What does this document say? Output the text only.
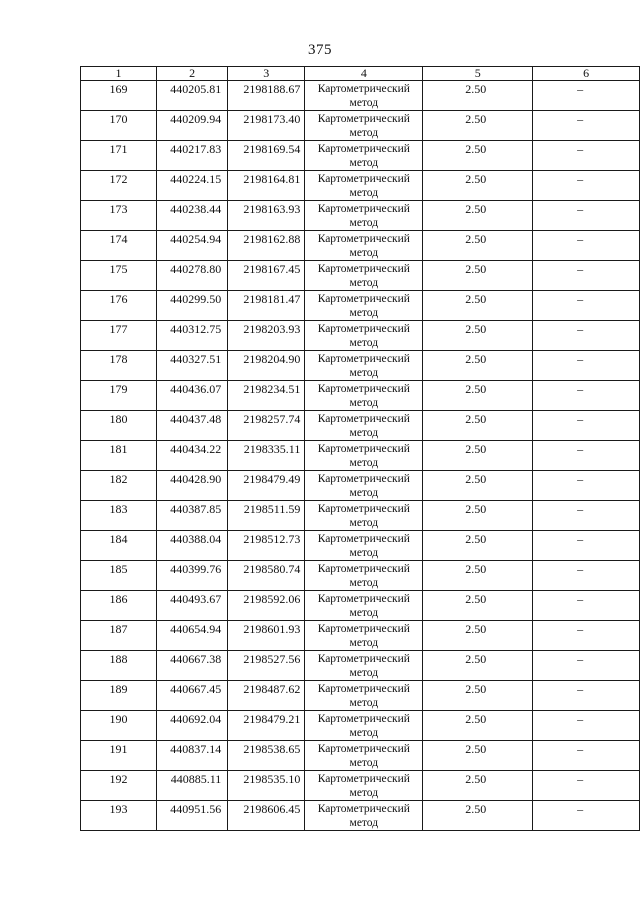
375
1	2	3	4	5	6
169	440205.81	2198188.67	Картометрический метод	2.50	–
170	440209.94	2198173.40	Картометрический метод	2.50	–
171	440217.83	2198169.54	Картометрический метод	2.50	–
172	440224.15	2198164.81	Картометрический метод	2.50	–
173	440238.44	2198163.93	Картометрический метод	2.50	–
174	440254.94	2198162.88	Картометрический метод	2.50	–
175	440278.80	2198167.45	Картометрический метод	2.50	–
176	440299.50	2198181.47	Картометрический метод	2.50	–
177	440312.75	2198203.93	Картометрический метод	2.50	–
178	440327.51	2198204.90	Картометрический метод	2.50	–
179	440436.07	2198234.51	Картометрический метод	2.50	–
180	440437.48	2198257.74	Картометрический метод	2.50	–
181	440434.22	2198335.11	Картометрический метод	2.50	–
182	440428.90	2198479.49	Картометрический метод	2.50	–
183	440387.85	2198511.59	Картометрический метод	2.50	–
184	440388.04	2198512.73	Картометрический метод	2.50	–
185	440399.76	2198580.74	Картометрический метод	2.50	–
186	440493.67	2198592.06	Картометрический метод	2.50	–
187	440654.94	2198601.93	Картометрический метод	2.50	–
188	440667.38	2198527.56	Картометрический метод	2.50	–
189	440667.45	2198487.62	Картометрический метод	2.50	–
190	440692.04	2198479.21	Картометрический метод	2.50	–
191	440837.14	2198538.65	Картометрический метод	2.50	–
192	440885.11	2198535.10	Картометрический метод	2.50	–
193	440951.56	2198606.45	Картометрический метод	2.50	–
